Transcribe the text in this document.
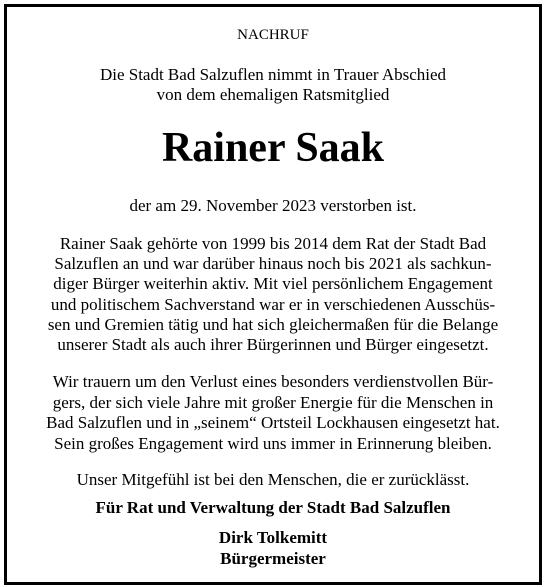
NACHRUF
Die Stadt Bad Salzuflen nimmt in Trauer Abschied
von dem ehemaligen Ratsmitglied
Rainer Saak
der am 29. November 2023 verstorben ist.
Rainer Saak gehörte von 1999 bis 2014 dem Rat der Stadt Bad
Salzuflen an und war darüber hinaus noch bis 2021 als sachkun-
diger Bürger weiterhin aktiv. Mit viel persönlichem Engagement
und politischem Sachverstand war er in verschiedenen Ausschüs-
sen und Gremien tätig und hat sich gleichermaßen für die Belange
unserer Stadt als auch ihrer Bürgerinnen und Bürger eingesetzt.
Wir trauern um den Verlust eines besonders verdienstvollen Bür-
gers, der sich viele Jahre mit großer Energie für die Menschen in
Bad Salzuflen und in „seinem“ Ortsteil Lockhausen eingesetzt hat.
Sein großes Engagement wird uns immer in Erinnerung bleiben.
Unser Mitgefühl ist bei den Menschen, die er zurücklässt.
Für Rat und Verwaltung der Stadt Bad Salzuflen
Dirk Tolkemitt
Bürgermeister
